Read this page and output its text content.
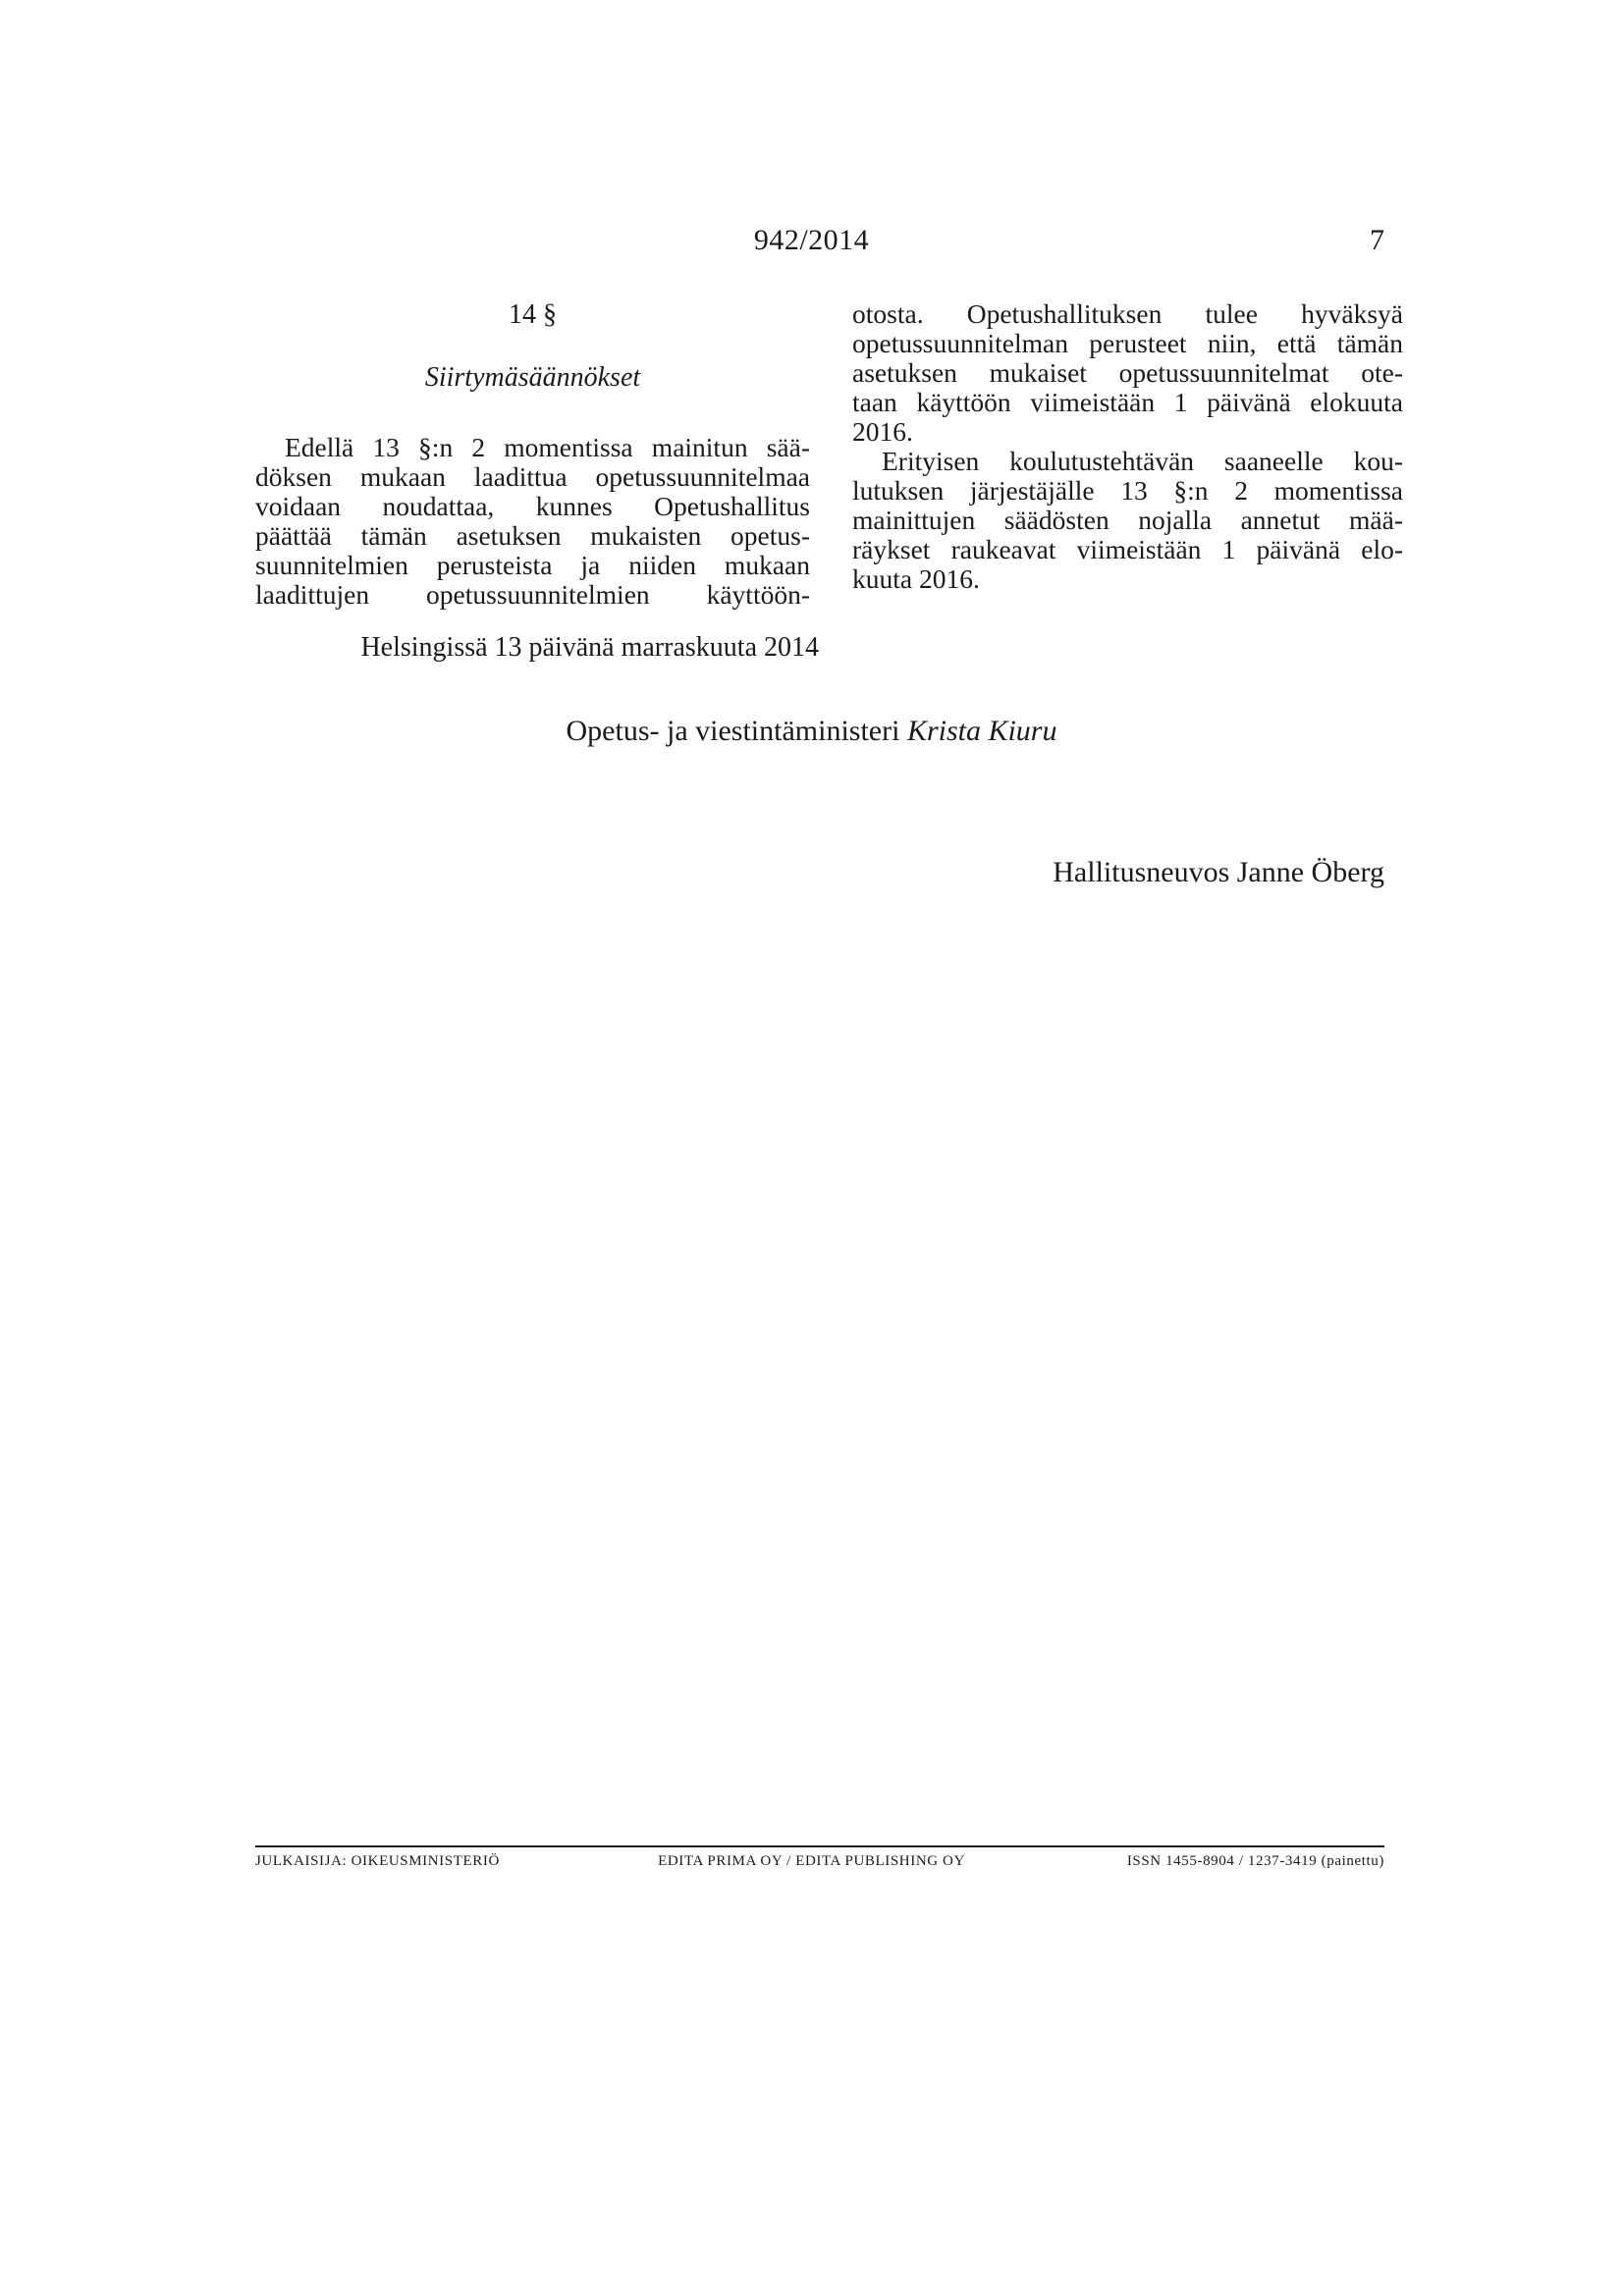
942/2014	7

14 §

Siirtymäsäännökset

Edellä 13 §:n 2 momentissa mainitun sää-
döksen mukaan laadittua opetussuunnitelmaa
voidaan noudattaa, kunnes Opetushallitus
päättää tämän asetuksen mukaisten opetus-
suunnitelmien perusteista ja niiden mukaan
laadittujen opetussuunnitelmien käyttöön-

otosta. Opetushallituksen tulee hyväksyä
opetussuunnitelman perusteet niin, että tämän
asetuksen mukaiset opetussuunnitelmat ote-
taan käyttöön viimeistään 1 päivänä elokuuta
2016.

Erityisen koulutustehtävän saaneelle kou-
lutuksen järjestäjälle 13 §:n 2 momentissa
mainittujen säädösten nojalla annetut mää-
räykset raukeavat viimeistään 1 päivänä elo-
kuuta 2016.

Helsingissä 13 päivänä marraskuuta 2014
Opetus- ja viestintäministeri Krista Kiuru
Hallitusneuvos Janne Öberg
JULKAISIJA: OIKEUSMINISTERIÖ	EDITA PRIMA OY / EDITA PUBLISHING OY	ISSN 1455-8904 / 1237-3419 (painettu)
